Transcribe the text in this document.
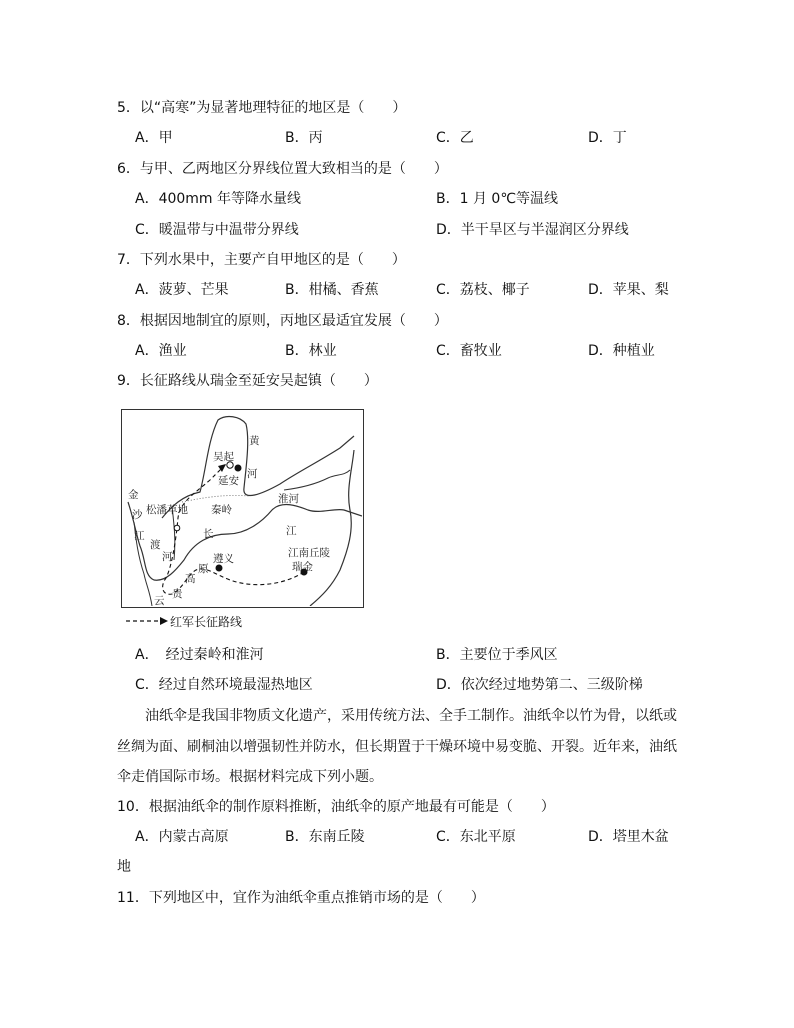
5．以“高寒”为显著地理特征的地区是（　　）
A．甲	B．丙	C．乙	D．丁
6．与甲、乙两地区分界线位置大致相当的是（　　）
A．400mm 年等降水量线	B．1 月 0℃等温线
C．暖温带与中温带分界线	D．半干旱区与半湿润区分界线
7．下列水果中，主要产自甲地区的是（　　）
A．菠萝、芒果	B．柑橘、香蕉	C．荔枝、椰子	D．苹果、梨
8．根据因地制宜的原则，丙地区最适宜发展（　　）
A．渔业	B．林业	C．畜牧业	D．种植业
9．长征路线从瑞金至延安吴起镇（　　）
黄
吴起
河
延安
金	淮河
沙 松潘草地 秦岭
江
长
江
渡
河	江南丘陵
遵义
瑞金
原
高
贵
云
红军长征路线
A．　经过秦岭和淮河	B．主要位于季风区
C．经过自然环境最湿热地区	D．依次经过地势第二、三级阶梯
油纸伞是我国非物质文化遗产，采用传统方法、全手工制作。油纸伞以竹为骨，以纸或丝绸为面、刷桐油以增强韧性并防水，但长期置于干燥环境中易变脆、开裂。近年来，油纸伞走俏国际市场。根据材料完成下列小题。
10．根据油纸伞的制作原料推断，油纸伞的原产地最有可能是（　　）
A．内蒙古高原	B．东南丘陵	C．东北平原	D．塔里木盆
地
11．下列地区中，宜作为油纸伞重点推销市场的是（　　）
